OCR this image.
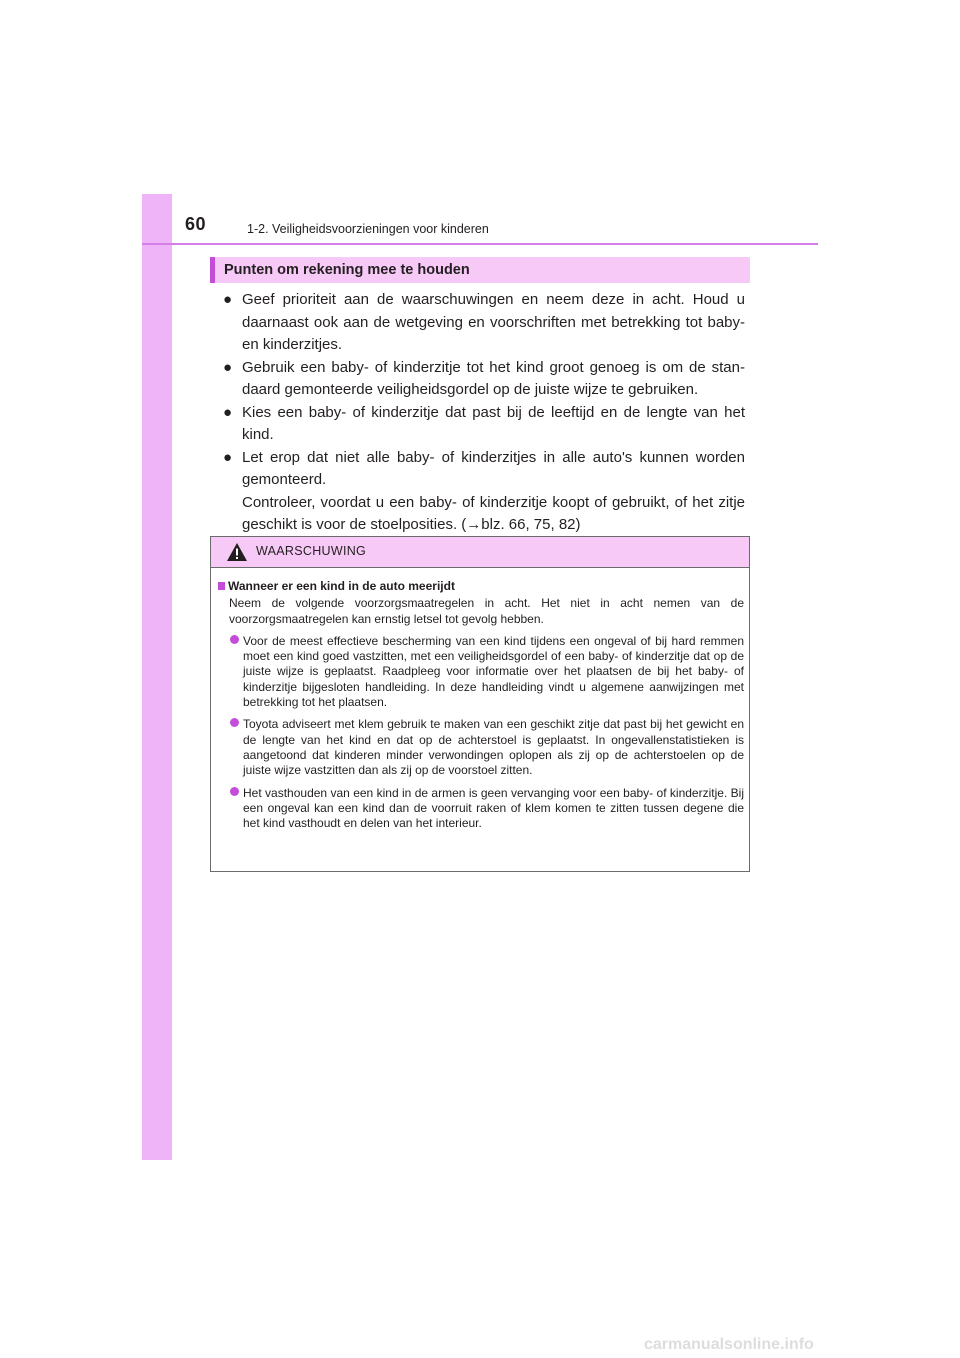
60	1-2. Veiligheidsvoorzieningen voor kinderen
Punten om rekening mee te houden
● Geef prioriteit aan de waarschuwingen en neem deze in acht. Houd u daarnaast ook aan de wetgeving en voorschriften met betrekking tot baby- en kinderzitjes.

● Gebruik een baby- of kinderzitje tot het kind groot genoeg is om de standaard gemonteerde veiligheidsgordel op de juiste wijze te gebruiken.

● Kies een baby- of kinderzitje dat past bij de leeftijd en de lengte van het kind.

● Let erop dat niet alle baby- of kinderzitjes in alle auto's kunnen worden gemonteerd.

Controleer, voordat u een baby- of kinderzitje koopt of gebruikt, of het zitje geschikt is voor de stoelposities. (→blz. 66, 75, 82)

WAARSCHUWING

Wanneer er een kind in de auto meerijdt

Neem de volgende voorzorgsmaatregelen in acht. Het niet in acht nemen van de voorzorgsmaatregelen kan ernstig letsel tot gevolg hebben.

Voor de meest effectieve bescherming van een kind tijdens een ongeval of bij hard remmen moet een kind goed vastzitten, met een veiligheidsgordel of een baby- of kinderzitje dat op de juiste wijze is geplaatst. Raadpleeg voor informatie over het plaatsen de bij het baby- of kinderzitje bijgesloten handleiding. In deze handleiding vindt u algemene aanwijzingen met betrekking tot het plaatsen.
Toyota adviseert met klem gebruik te maken van een geschikt zitje dat past bij het gewicht en de lengte van het kind en dat op de achterstoel is geplaatst. In ongevallenstatistieken is aangetoond dat kinderen minder verwondingen oplopen als zij op de achterstoelen op de juiste wijze vastzitten dan als zij op de voorstoel zitten.
Het vasthouden van een kind in de armen is geen vervanging voor een baby- of kinderzitje. Bij een ongeval kan een kind dan de voorruit raken of klem komen te zitten tussen degene die het kind vasthoudt en delen van het interieur.
carmanualsonline.info
